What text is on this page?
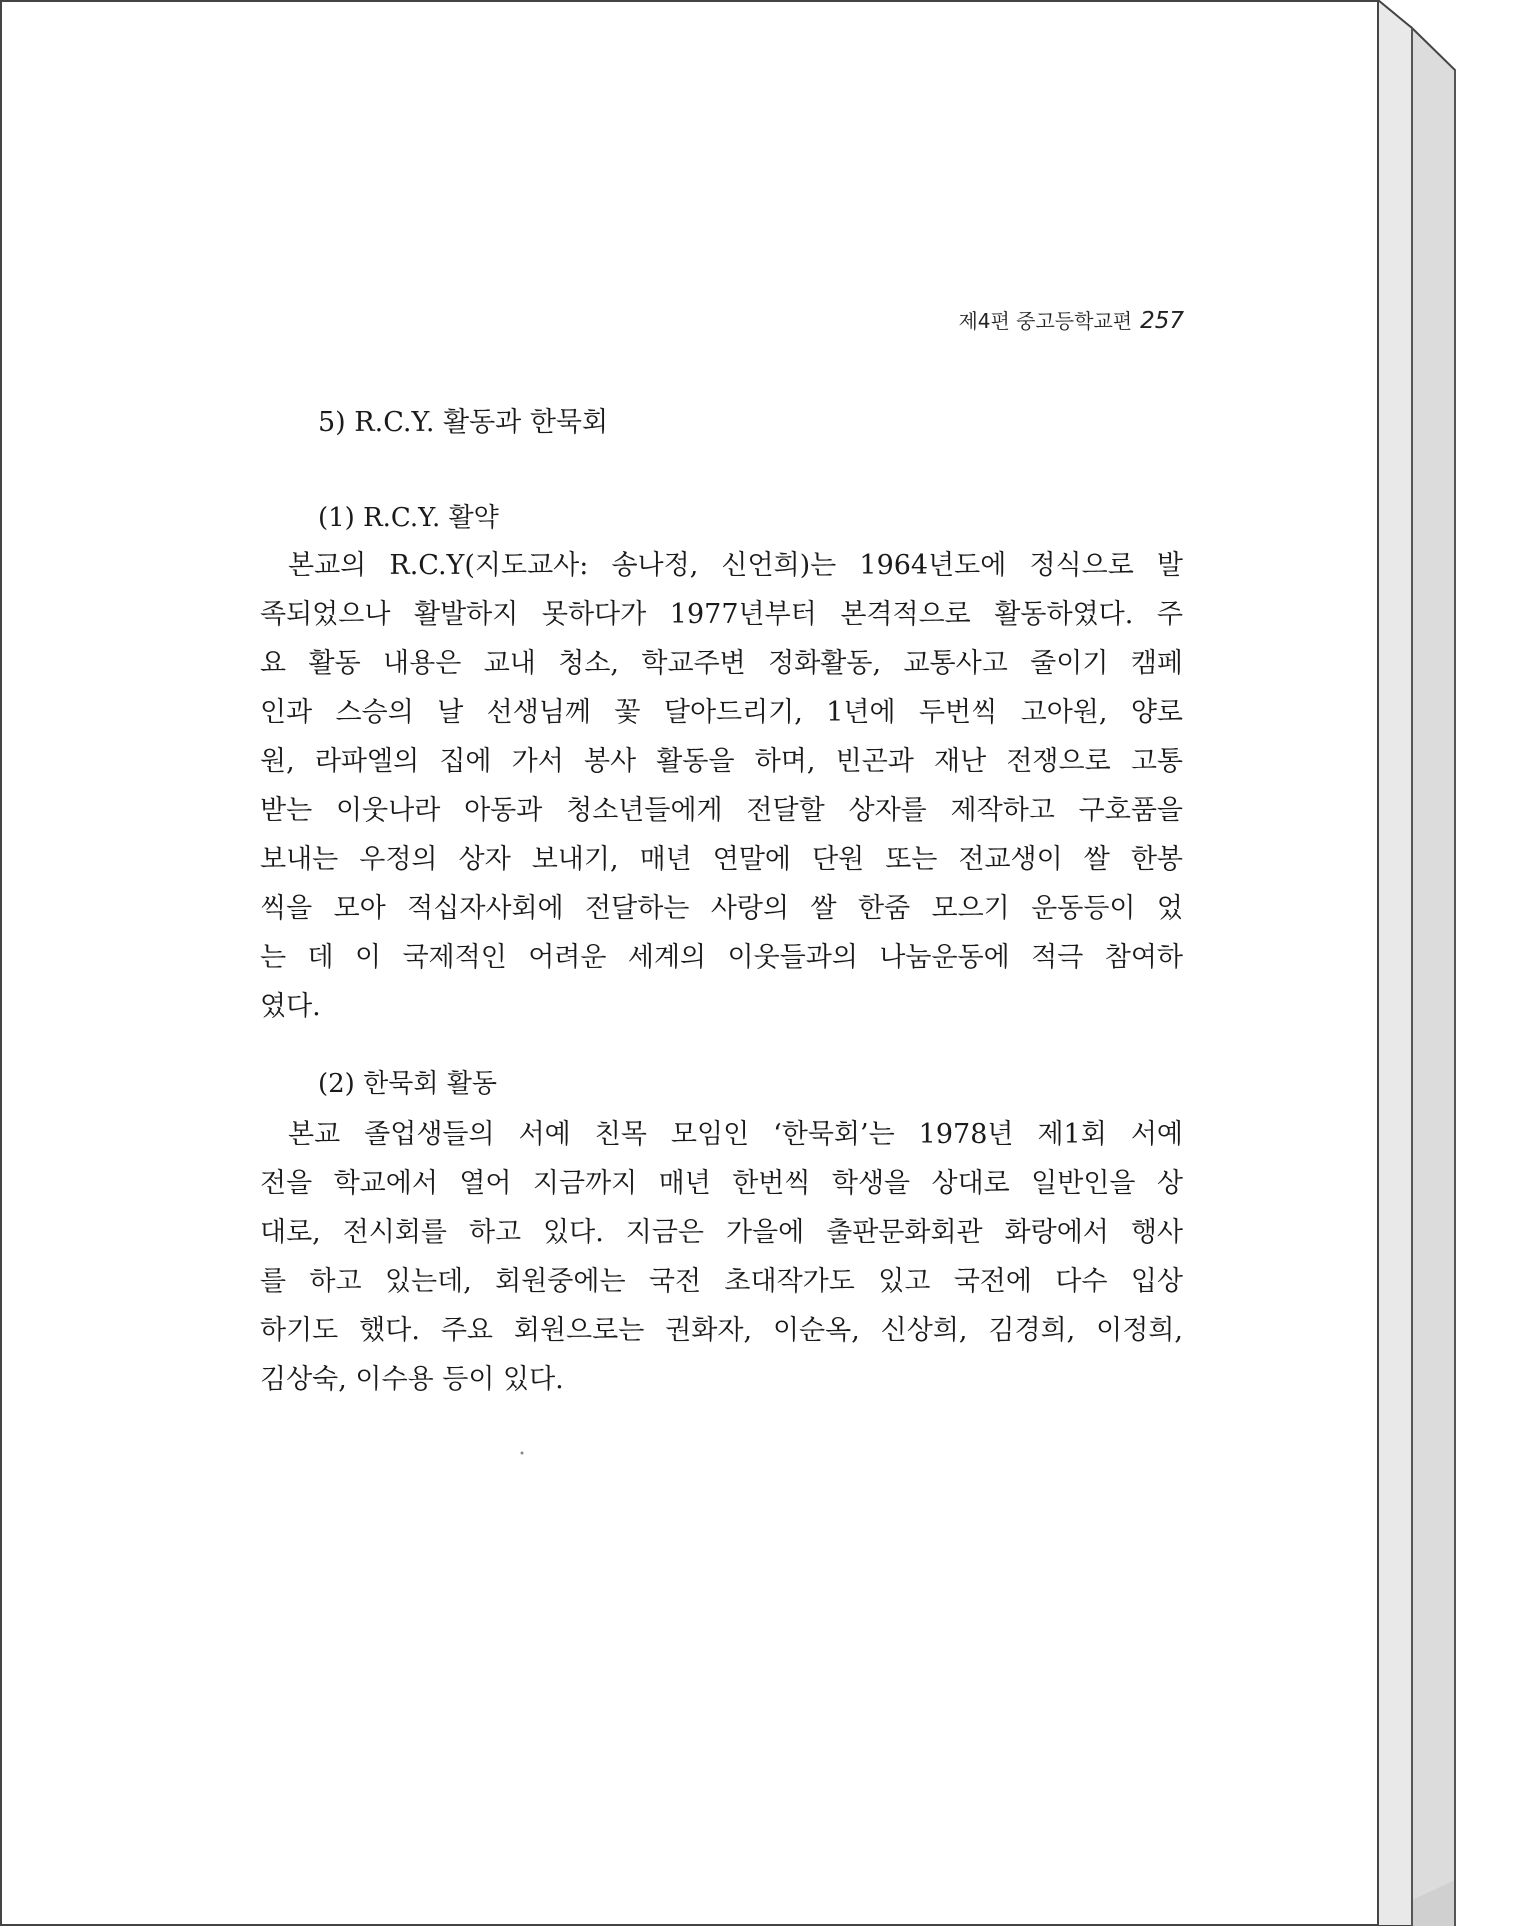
제4편 중고등학교편 257
5) R.C.Y. 활동과 한묵회
(1) R.C.Y. 활약
본교의 R.C.Y(지도교사: 송나정, 신언희)는 1964년도에 정식으로 발
족되었으나 활발하지 못하다가 1977년부터 본격적으로 활동하였다. 주
요 활동 내용은 교내 청소, 학교주변 정화활동, 교통사고 줄이기 캠페
인과 스승의 날 선생님께 꽃 달아드리기, 1년에 두번씩 고아원, 양로
원, 라파엘의 집에 가서 봉사 활동을 하며, 빈곤과 재난 전쟁으로 고통
받는 이웃나라 아동과 청소년들에게 전달할 상자를 제작하고 구호품을
보내는 우정의 상자 보내기, 매년 연말에 단원 또는 전교생이 쌀 한봉
씩을 모아 적십자사회에 전달하는 사랑의 쌀 한줌 모으기 운동등이 었
는 데 이 국제적인 어려운 세계의 이웃들과의 나눔운동에 적극 참여하
였다.
(2) 한묵회 활동
본교 졸업생들의 서예 친목 모임인 ‘한묵회’는 1978년 제1회 서예
전을 학교에서 열어 지금까지 매년 한번씩 학생을 상대로 일반인을 상
대로, 전시회를 하고 있다. 지금은 가을에 출판문화회관 화랑에서 행사
를 하고 있는데, 회원중에는 국전 초대작가도 있고 국전에 다수 입상
하기도 했다. 주요 회원으로는 권화자, 이순옥, 신상희, 김경희, 이정희,
김상숙, 이수용 등이 있다.
